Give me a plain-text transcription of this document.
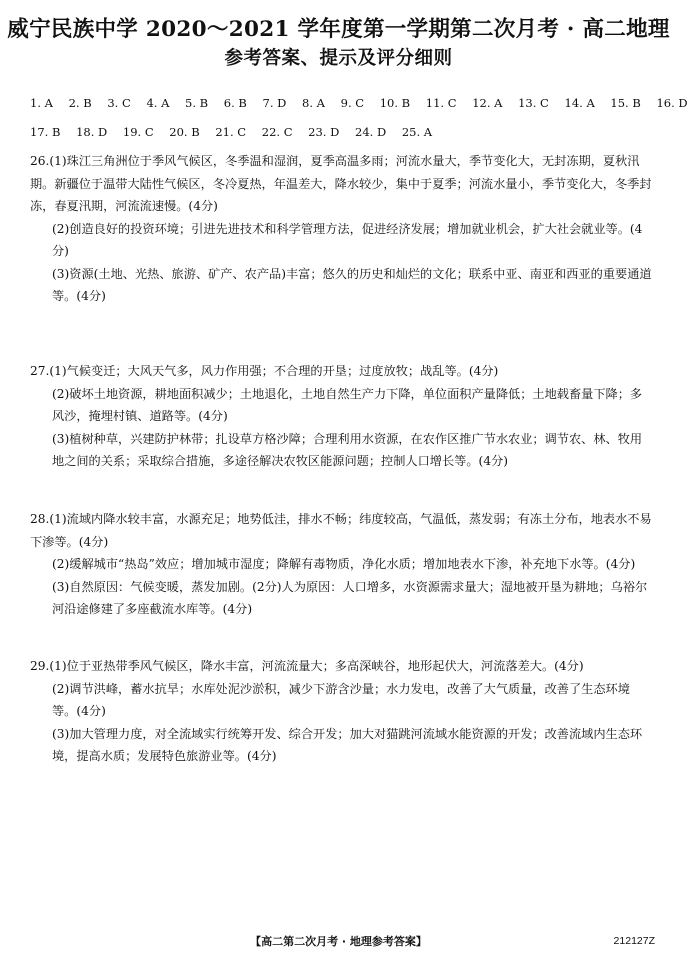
威宁民族中学 2020～2021 学年度第一学期第二次月考 · 高二地理
参考答案、提示及评分细则
1. A 2. B 3. C 4. A 5. B 6. B 7. D 8. A 9. C 10. B 11. C 12. A 13. C 14. A 15. B 16. D
17. B 18. D 19. C 20. B 21. C 22. C 23. D 24. D 25. A

26.(1)珠江三角洲位于季风气候区，冬季温和湿润，夏季高温多雨；河流水量大，季节变化大，无封冻期，夏秋汛期。新疆位于温带大陆性气候区，冬冷夏热，年温差大，降水较少，集中于夏季；河流水量小，季节变化大，冬季封冻，春夏汛期，河流流速慢。(4分)

(2)创造良好的投资环境；引进先进技术和科学管理方法，促进经济发展；增加就业机会，扩大社会就业等。(4分)

(3)资源(土地、光热、旅游、矿产、农产品)丰富；悠久的历史和灿烂的文化；联系中亚、南亚和西亚的重要通道等。(4分)

27.(1)气候变迁；大风天气多，风力作用强；不合理的开垦；过度放牧；战乱等。(4分)

(2)破坏土地资源，耕地面积减少；土地退化，土地自然生产力下降，单位面积产量降低；土地载畜量下降；多风沙，掩埋村镇、道路等。(4分)

(3)植树种草，兴建防护林带；扎设草方格沙障；合理利用水资源，在农作区推广节水农业；调节农、林、牧用地之间的关系；采取综合措施，多途径解决农牧区能源问题；控制人口增长等。(4分)

28.(1)流域内降水较丰富，水源充足；地势低洼，排水不畅；纬度较高，气温低，蒸发弱；有冻土分布，地表水不易下渗等。(4分)

(2)缓解城市“热岛”效应；增加城市湿度；降解有毒物质，净化水质；增加地表水下渗，补充地下水等。(4分)

(3)自然原因：气候变暖，蒸发加剧。(2分)人为原因：人口增多，水资源需求量大；湿地被开垦为耕地；乌裕尔河沿途修建了多座截流水库等。(4分)

29.(1)位于亚热带季风气候区，降水丰富，河流流量大；多高深峡谷，地形起伏大，河流落差大。(4分)

(2)调节洪峰，蓄水抗旱；水库处泥沙淤积，减少下游含沙量；水力发电，改善了大气质量，改善了生态环境等。(4分)

(3)加大管理力度，对全流域实行统筹开发、综合开发；加大对猫跳河流域水能资源的开发；改善流域内生态环境，提高水质；发展特色旅游业等。(4分)

【高二第二次月考 · 地理参考答案】	212127Z
